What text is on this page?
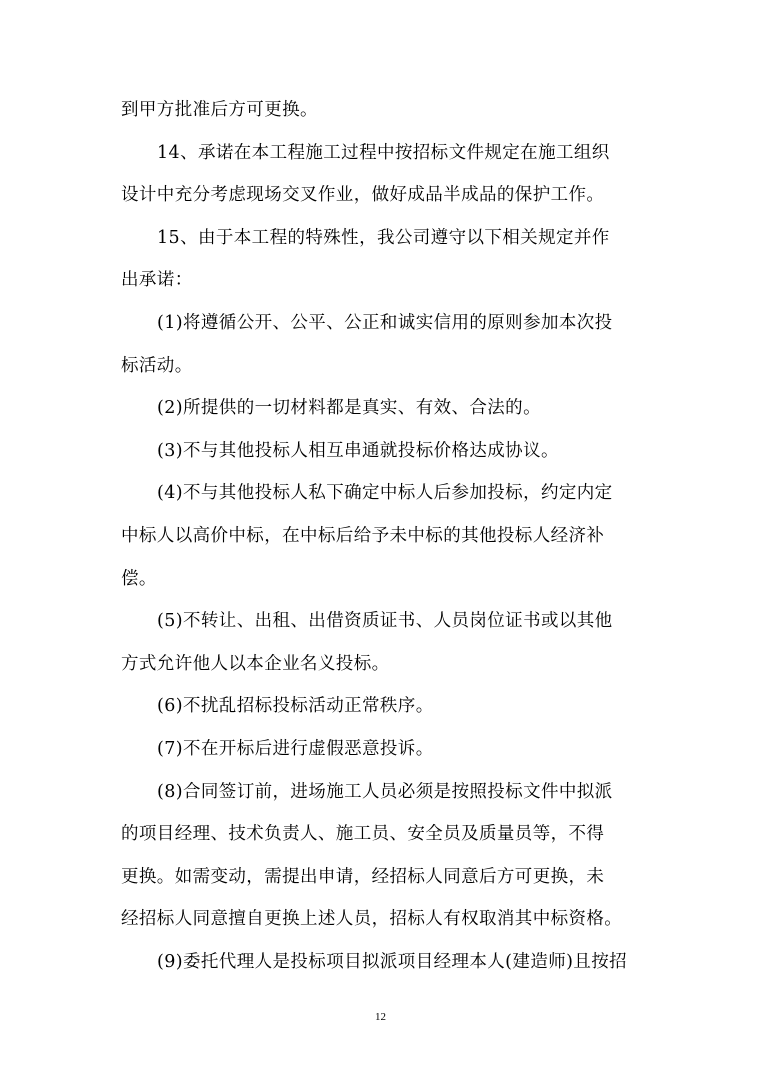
到甲方批准后方可更换。
14、承诺在本工程施工过程中按招标文件规定在施工组织
设计中充分考虑现场交叉作业，做好成品半成品的保护工作。
15、由于本工程的特殊性，我公司遵守以下相关规定并作
出承诺：
(1)将遵循公开、公平、公正和诚实信用的原则参加本次投
标活动。
(2)所提供的一切材料都是真实、有效、合法的。
(3)不与其他投标人相互串通就投标价格达成协议。
(4)不与其他投标人私下确定中标人后参加投标，约定内定
中标人以高价中标，在中标后给予未中标的其他投标人经济补
偿。
(5)不转让、出租、出借资质证书、人员岗位证书或以其他
方式允许他人以本企业名义投标。
(6)不扰乱招标投标活动正常秩序。
(7)不在开标后进行虚假恶意投诉。
(8)合同签订前，进场施工人员必须是按照投标文件中拟派
的项目经理、技术负责人、施工员、安全员及质量员等，不得
更换。如需变动，需提出申请，经招标人同意后方可更换，未
经招标人同意擅自更换上述人员，招标人有权取消其中标资格。
(9)委托代理人是投标项目拟派项目经理本人(建造师)且按招
12
